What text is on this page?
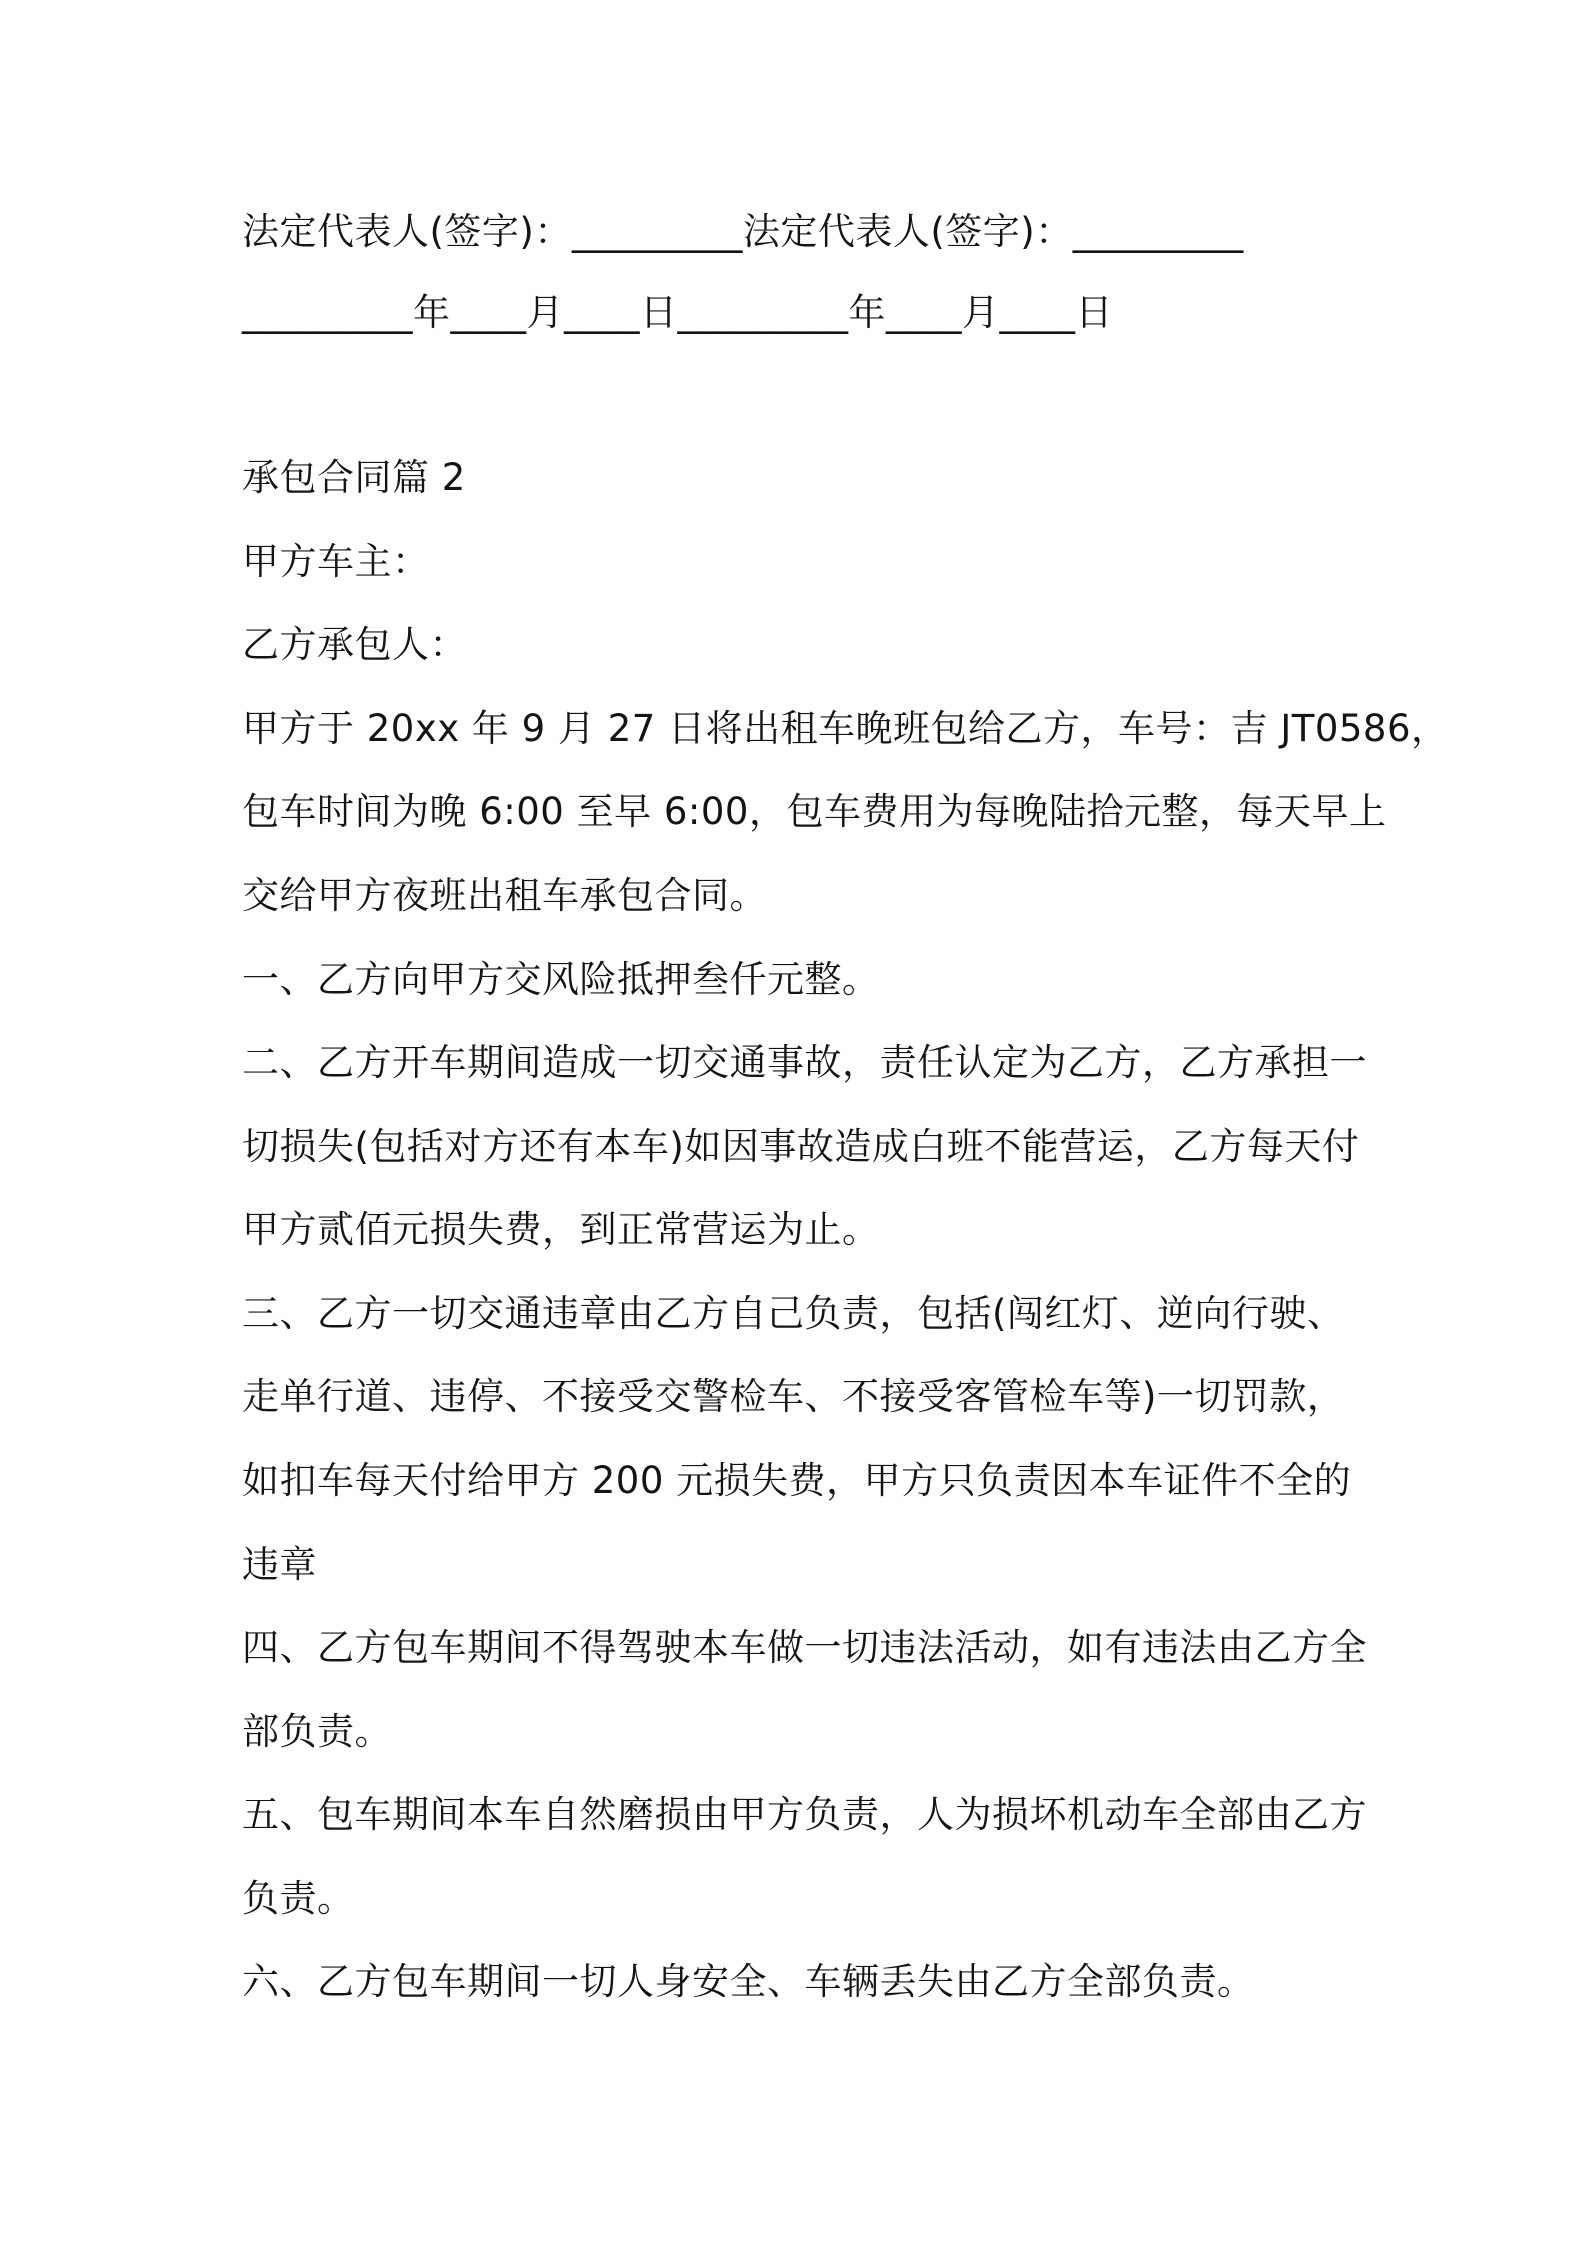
法定代表人(签字)：_________法定代表人(签字)：_________
_________年____月____日_________年____月____日
承包合同篇 2
甲方车主：
乙方承包人：
甲方于 20xx 年 9 月 27 日将出租车晚班包给乙方，车号：吉 JT0586，
包车时间为晚 6:00 至早 6:00，包车费用为每晚陆拾元整，每天早上
交给甲方夜班出租车承包合同。
一、乙方向甲方交风险抵押叁仟元整。
二、乙方开车期间造成一切交通事故，责任认定为乙方，乙方承担一
切损失(包括对方还有本车)如因事故造成白班不能营运，乙方每天付
甲方贰佰元损失费，到正常营运为止。
三、乙方一切交通违章由乙方自己负责，包括(闯红灯、逆向行驶、
走单行道、违停、不接受交警检车、不接受客管检车等)一切罚款，
如扣车每天付给甲方 200 元损失费，甲方只负责因本车证件不全的
违章
四、乙方包车期间不得驾驶本车做一切违法活动，如有违法由乙方全
部负责。
五、包车期间本车自然磨损由甲方负责，人为损坏机动车全部由乙方
负责。
六、乙方包车期间一切人身安全、车辆丢失由乙方全部负责。
